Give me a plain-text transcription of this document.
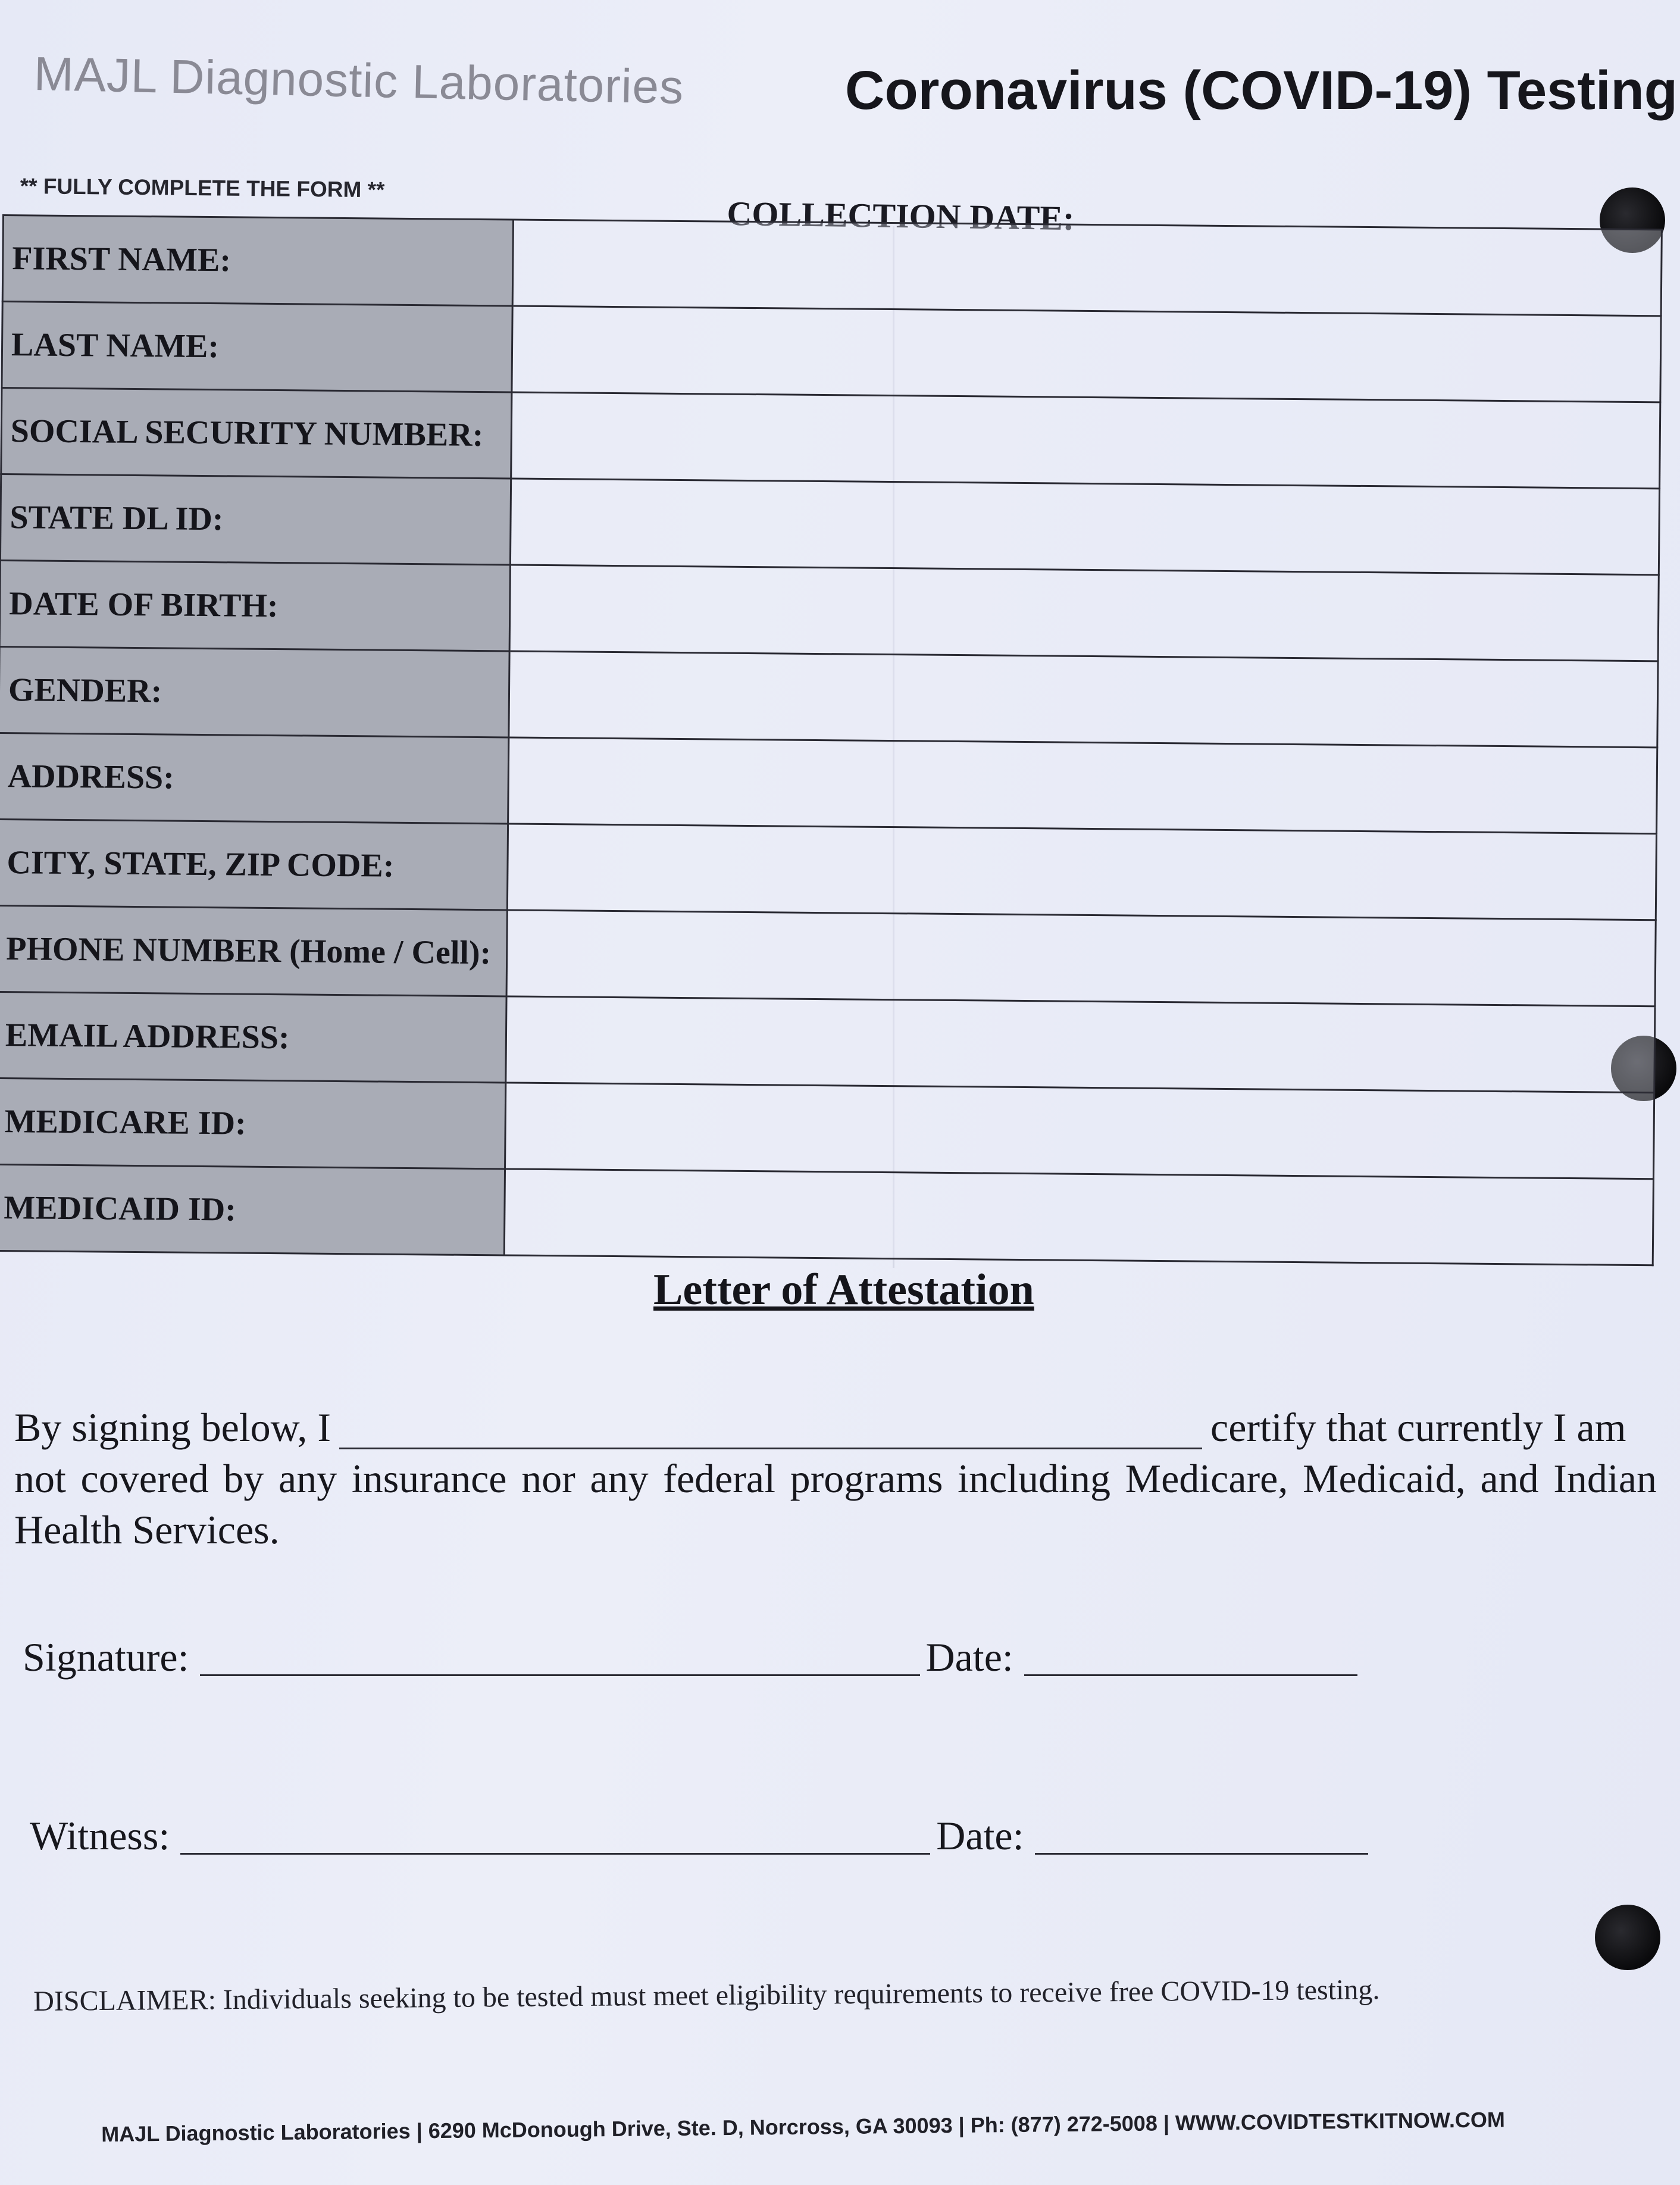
MAJL Diagnostic Laboratories	Coronavirus (COVID-19) Testing
** FULLY COMPLETE THE FORM **
COLLECTION DATE:
FIRST NAME:	
LAST NAME:	
SOCIAL SECURITY NUMBER:	
STATE DL ID:	
DATE OF BIRTH:	
GENDER:	
ADDRESS:	
CITY, STATE, ZIP CODE:	
PHONE NUMBER (Home / Cell):	
EMAIL ADDRESS:	
MEDICARE ID:	
MEDICAID ID:	
Letter of Attestation
By signing below, I	certify that currently I am
not covered by any insurance nor any federal programs including Medicare, Medicaid, and Indian Health Services.
Signature:	Date:
Witness:	Date:
DISCLAIMER: Individuals seeking to be tested must meet eligibility requirements to receive free COVID-19 testing.
MAJL Diagnostic Laboratories | 6290 McDonough Drive, Ste. D, Norcross, GA 30093 | Ph: (877) 272-5008 | WWW.COVIDTESTKITNOW.COM
